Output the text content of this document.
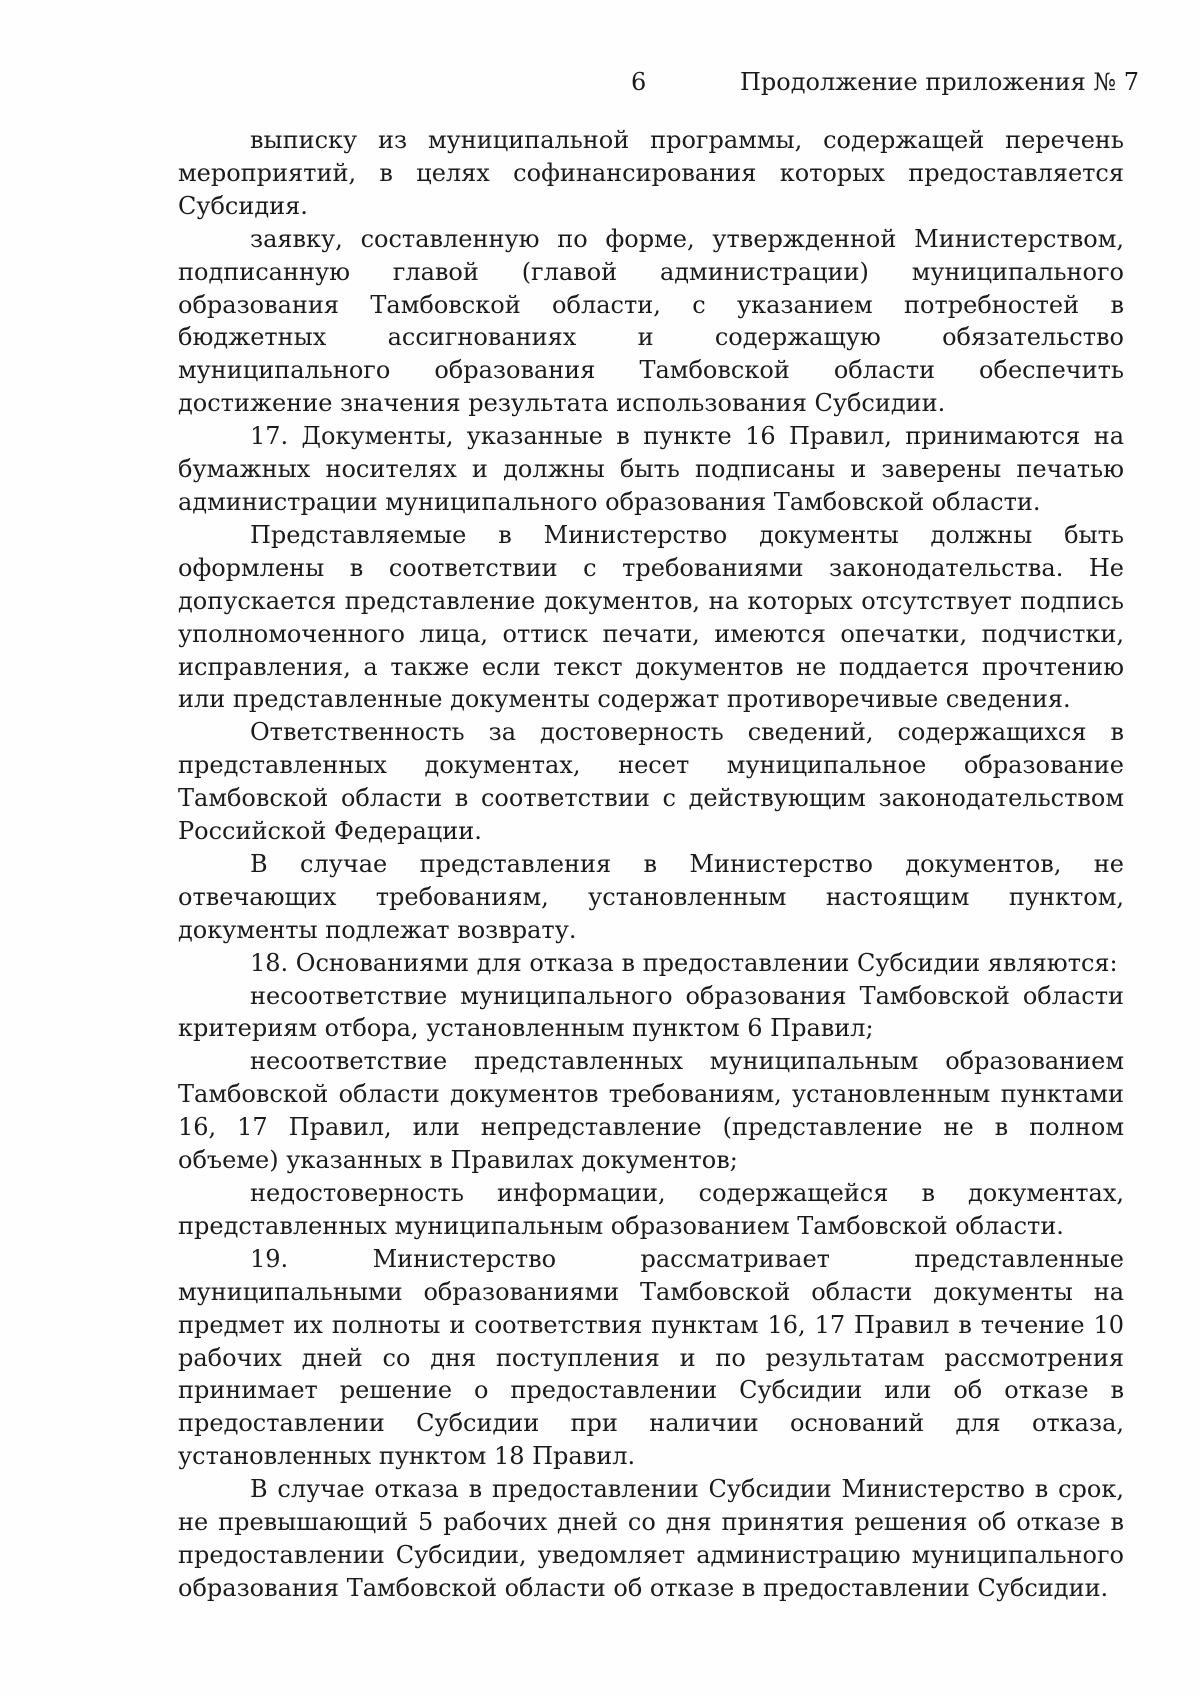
6	Продолжение приложения № 7

выписку из муниципальной программы, содержащей перечень мероприятий, в целях софинансирования которых предоставляется Субсидия.

заявку, составленную по форме, утвержденной Министерством, подписанную главой (главой администрации) муниципального образования Тамбовской области, с указанием потребностей в бюджетных ассигнованиях и содержащую обязательство муниципального образования Тамбовской области обеспечить достижение значения результата использования Субсидии.

17. Документы, указанные в пункте 16 Правил, принимаются на бумажных носителях и должны быть подписаны и заверены печатью администрации муниципального образования Тамбовской области.

Представляемые в Министерство документы должны быть оформлены в соответствии с требованиями законодательства. Не допускается представление документов, на которых отсутствует подпись уполномоченного лица, оттиск печати, имеются опечатки, подчистки, исправления, а также если текст документов не поддается прочтению или представленные документы содержат противоречивые сведения.

Ответственность за достоверность сведений, содержащихся в представленных документах, несет муниципальное образование Тамбовской области в соответствии с действующим законодательством Российской Федерации.

В случае представления в Министерство документов, не отвечающих требованиям, установленным настоящим пунктом, документы подлежат возврату.

18. Основаниями для отказа в предоставлении Субсидии являются:

несоответствие муниципального образования Тамбовской области критериям отбора, установленным пунктом 6 Правил;

несоответствие представленных муниципальным образованием Тамбовской области документов требованиям, установленным пунктами 16, 17 Правил, или непредставление (представление не в полном объеме) указанных в Правилах документов;

недостоверность информации, содержащейся в документах, представленных муниципальным образованием Тамбовской области.

19. Министерство рассматривает представленные муниципальными образованиями Тамбовской области документы на предмет их полноты и соответствия пунктам 16, 17 Правил в течение 10 рабочих дней со дня поступления и по результатам рассмотрения принимает решение о предоставлении Субсидии или об отказе в предоставлении Субсидии при наличии оснований для отказа, установленных пунктом 18 Правил.

В случае отказа в предоставлении Субсидии Министерство в срок, не превышающий 5 рабочих дней со дня принятия решения об отказе в предоставлении Субсидии, уведомляет администрацию муниципального образования Тамбовской области об отказе в предоставлении Субсидии.
